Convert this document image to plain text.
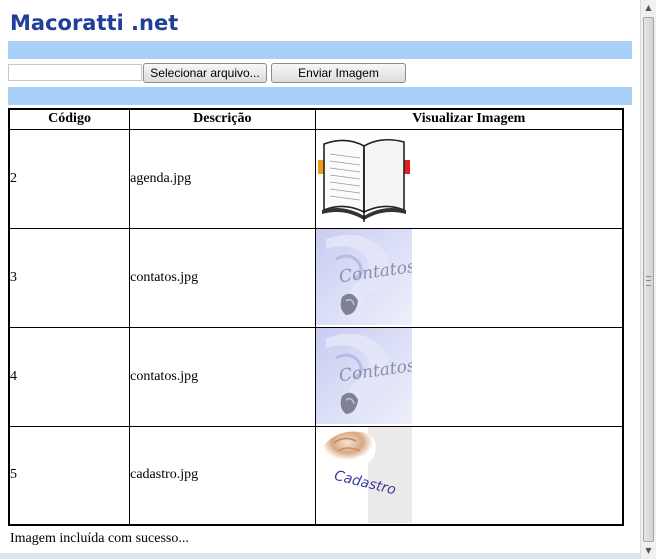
Macoratti .net
Selecionar arquivo...	Enviar Imagem
Código	Descrição	Visualizar Imagem
2	agenda.jpg	

3	contatos.jpg	

4	contatos.jpg	

5	cadastro.jpg	
Imagem incluída com sucesso...
▲
▼
